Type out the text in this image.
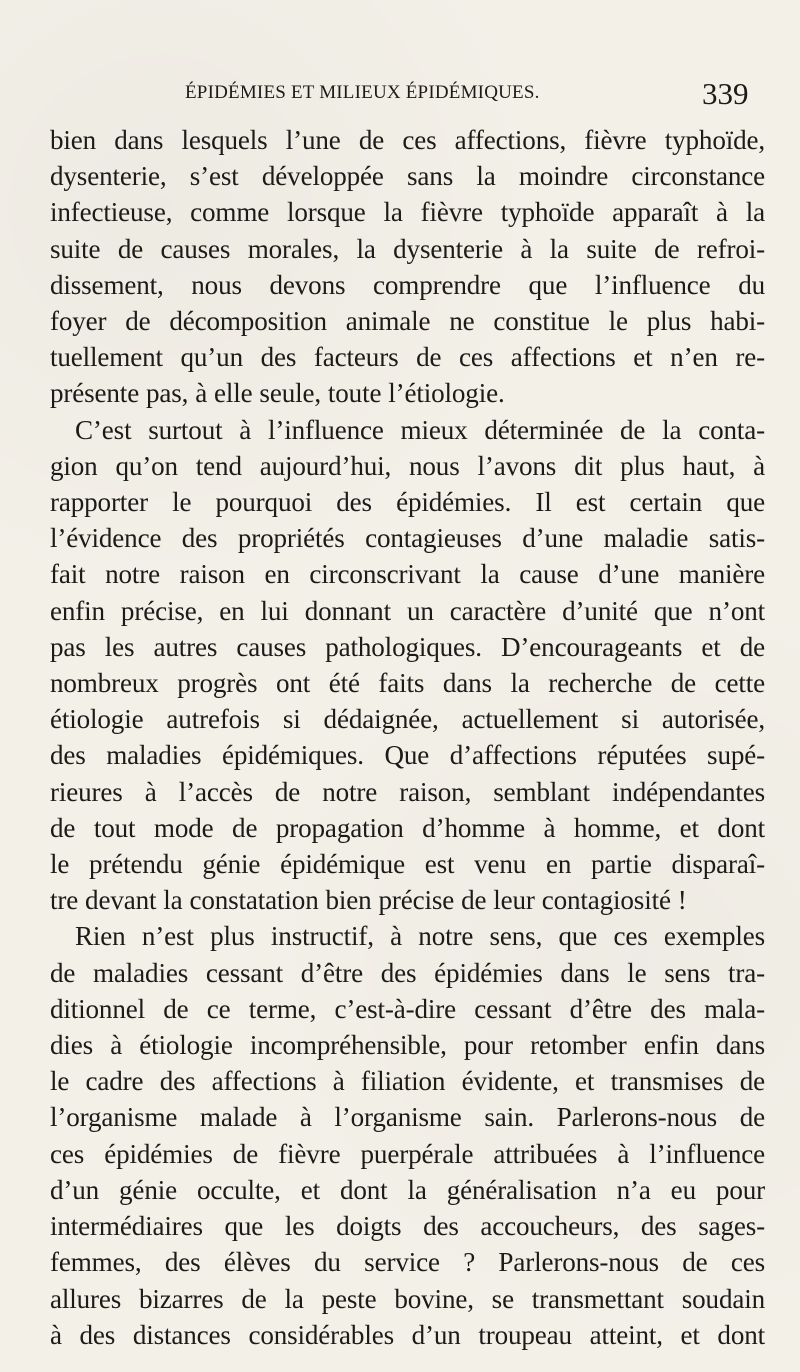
ÉPIDÉMIES ET MILIEUX ÉPIDÉMIQUES.	339
bien dans lesquels l’une de ces affections, fièvre typhoïde,
dysenterie, s’est développée sans la moindre circonstance
infectieuse, comme lorsque la fièvre typhoïde apparaît à la
suite de causes morales, la dysenterie à la suite de refroi-
dissement, nous devons comprendre que l’influence du
foyer de décomposition animale ne constitue le plus habi-
tuellement qu’un des facteurs de ces affections et n’en re-
présente pas, à elle seule, toute l’étiologie.
C’est surtout à l’influence mieux déterminée de la conta-
gion qu’on tend aujourd’hui, nous l’avons dit plus haut, à
rapporter le pourquoi des épidémies. Il est certain que
l’évidence des propriétés contagieuses d’une maladie satis-
fait notre raison en circonscrivant la cause d’une manière
enfin précise, en lui donnant un caractère d’unité que n’ont
pas les autres causes pathologiques. D’encourageants et de
nombreux progrès ont été faits dans la recherche de cette
étiologie autrefois si dédaignée, actuellement si autorisée,
des maladies épidémiques. Que d’affections réputées supé-
rieures à l’accès de notre raison, semblant indépendantes
de tout mode de propagation d’homme à homme, et dont
le prétendu génie épidémique est venu en partie disparaî-
tre devant la constatation bien précise de leur contagiosité !
Rien n’est plus instructif, à notre sens, que ces exemples
de maladies cessant d’être des épidémies dans le sens tra-
ditionnel de ce terme, c’est-à-dire cessant d’être des mala-
dies à étiologie incompréhensible, pour retomber enfin dans
le cadre des affections à filiation évidente, et transmises de
l’organisme malade à l’organisme sain. Parlerons-nous de
ces épidémies de fièvre puerpérale attribuées à l’influence
d’un génie occulte, et dont la généralisation n’a eu pour
intermédiaires que les doigts des accoucheurs, des sages-
femmes, des élèves du service ? Parlerons-nous de ces
allures bizarres de la peste bovine, se transmettant soudain
à des distances considérables d’un troupeau atteint, et dont
